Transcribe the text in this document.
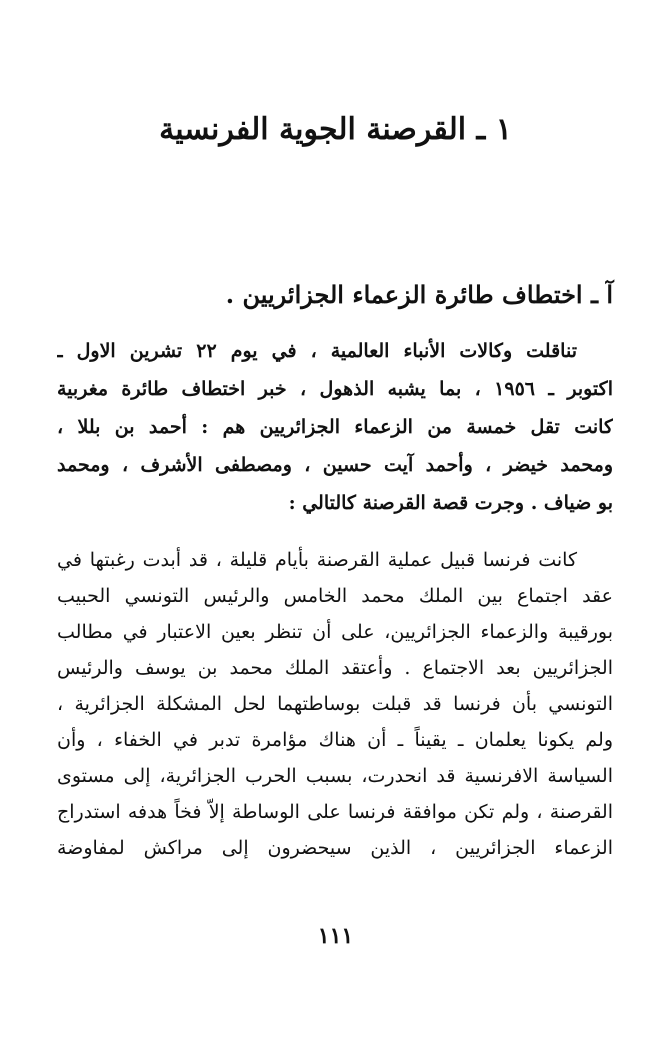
١ ـ القرصنة الجوية الفرنسية
آ ـ اختطاف طائرة الزعماء الجزائريين .
تناقلت وكالات الأنباء العالمية ، في يوم ٢٢ تشرين الاول ـ
اكتوبر ـ ١٩٥٦ ، بما يشبه الذهول ، خبر اختطاف طائرة مغربية
كانت تقل خمسة من الزعماء الجزائريين هم : أحمد بن بللا ،
ومحمد خيضر ، وأحمد آيت حسين ، ومصطفى الأشرف ، ومحمد
بو ضياف . وجرت قصة القرصنة كالتالي :
كانت فرنسا قبيل عملية القرصنة بأيام قليلة ، قد أبدت رغبتها في
عقد اجتماع بين الملك محمد الخامس والرئيس التونسي الحبيب
بورقيبة والزعماء الجزائريين، على أن تنظر بعين الاعتبار في مطالب
الجزائريين بعد الاجتماع . وأعتقد الملك محمد بن يوسف والرئيس
التونسي بأن فرنسا قد قبلت بوساطتهما لحل المشكلة الجزائرية ،
ولم يكونا يعلمان ـ يقيناً ـ أن هناك مؤامرة تدبر في الخفاء ، وأن
السياسة الافرنسية قد انحدرت، بسبب الحرب الجزائرية، إلى مستوى
القرصنة ، ولم تكن موافقة فرنسا على الوساطة إلاّ فخاً هدفه استدراج
الزعماء الجزائريين ، الذين سيحضرون إلى مراكش لمفاوضة
١١١
